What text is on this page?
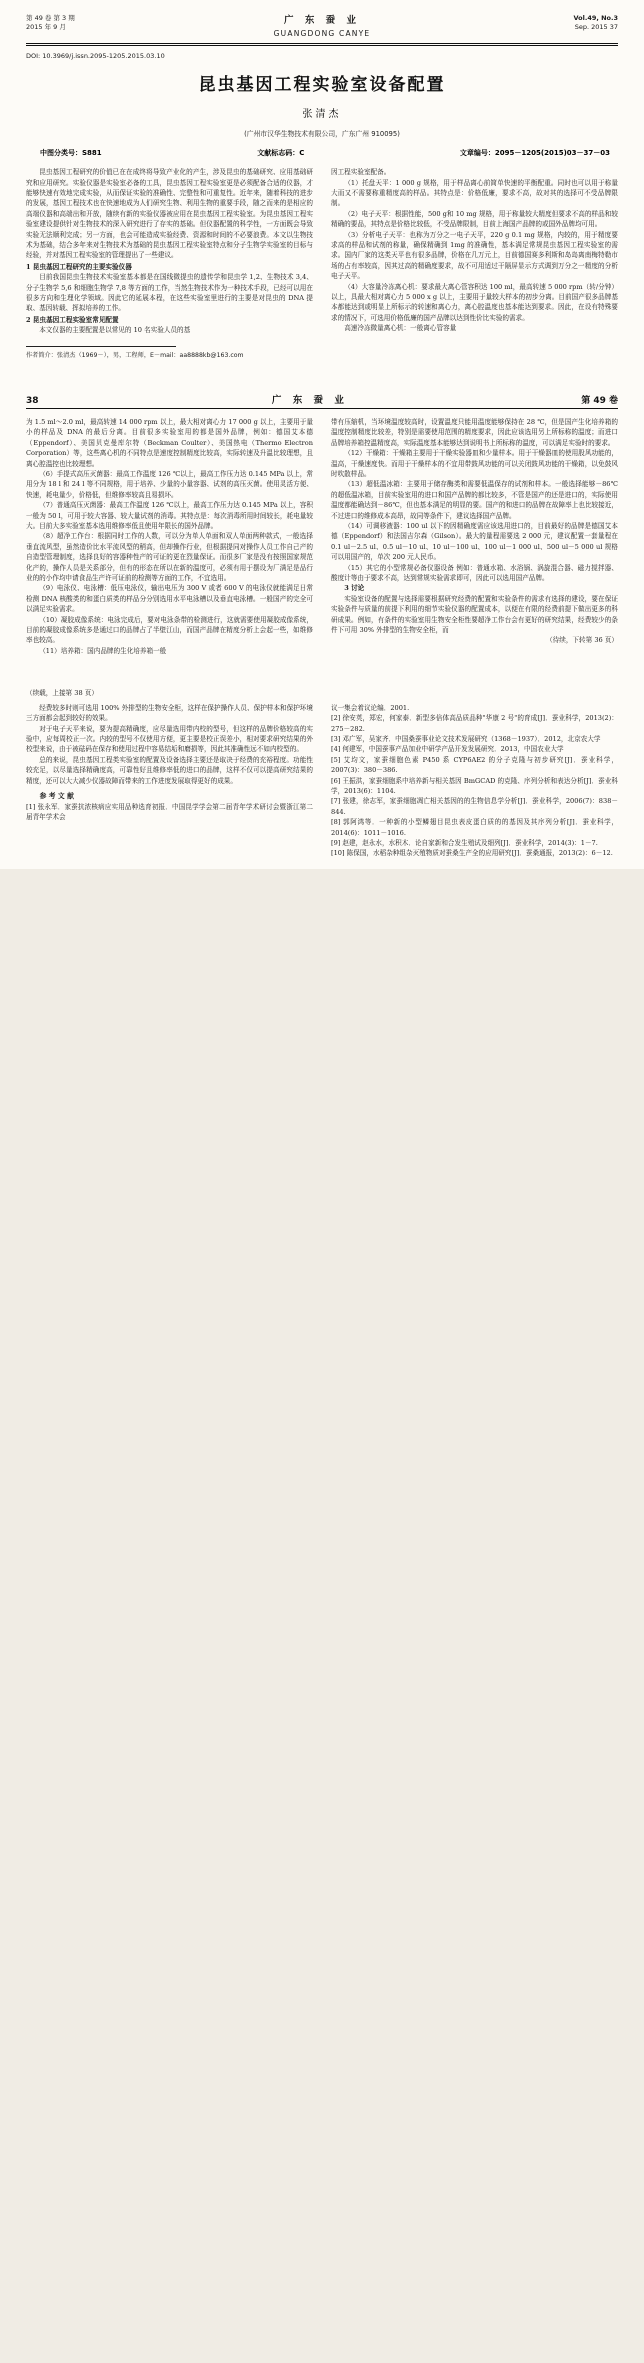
第 49 卷 第 3 期
2015 年 9 月
广 东 蚕 业
GUANGDONG CANYE
Vol.49, No.3
Sep. 2015 37
DOI: 10.3969/j.issn.2095-1205.2015.03.10
昆虫基因工程实验室设备配置
张清杰
(广州市汉华生物技术有限公司，广东广州 910095)
中图分类号：S881	文献标志码：C	文章编号：2095－1205(2015)03－37－03

昆虫基因工程研究的价值已在在成终将导致产业化的产生，涉及昆虫的基础研究、应用基础研究和应用研究。实验仪器是实验室必备的工具，昆虫基因工程实验室更是必须配备合适的仪器，才能够快速有效地完成实验，从而保证实验的准确性、完整性和可重复性。近年来，随着科技的进步的发展，基因工程技术也在快速地成为人们研究生物、利用生物的重要手段，随之而来的是相应的高端仪器和高端出和开放，随续有新的实验仪器被应用在昆虫基因工程实验室。为昆虫基因工程实验室建设提供针对生物技术的深入研究进行了存实的基础。但仪器配置的科学性，一方面既会导致实验无法顺利完成；另一方面，也会可能造成实验经费、资源和时间的不必要浪费。本文以生物技术为基础，结合多年来对生物技术为基础的昆虫基因工程实验室特点和分子生物学实验室的目标与经验，并对基因工程实验室的管理提出了一些建议。

1 昆虫基因工程研究的主要实验仪器

目前我国昆虫生物技术实验室基本都是在国线微提虫的遗传学和昆虫学 1,2、生物技术 3,4、分子生物学 5,6 和细胞生物学 7,8 等方面的工作，当然生物技术作为一种技术手段，已经可以用在很多方向和生理化学领域。因此它的延展本程，在这些实验室里进行的主要是对昆虫的 DNA 提取、基因转载、挥拟培养的工作。

2 昆虫基因工程实验室常见配置

本文仅器的主要配置是以常见的 10 名实验人员的基

因工程实验室配备。

（1）托盘天平：1 000 g 规格，用于样品离心前简单快速的平衡配重。同时也可以用于称量大而又不需要称重精度高的样品。其特点是：价格低廉，要求不高，故对其的选择可不受品牌限制。

（2）电子天平：根据性能，500 g和 10 mg 规格，用于称量较大精度但要求不高的样品和较精确的要品，其特点是价格比较低，不受品牌限制，目前上海国产品牌的或国外品牌均可用。

（3）分析电子天平：也称为万分之一电子天平，220 g 0.1 mg 规格，内较的，用于精度要求高的样品和试剂的称量，确保精确到 1mg 的准确性，基本满足常规昆虫基因工程实验室的需求。国内厂家的这类天平也有很多品牌，价格在几万元上，目前德国赛多利斯和岛岛离南梅特勒市场的占有率较高，因其过高的精确度要求，故不可用适过干隔屏显示方式调到万分之一精度的分析电子天平。

（4）大容量冷冻离心机：要求最大离心管容积达 100 ml，最高转速 5 000 rpm（转/分钟）以上，具最大相对离心力 5 000 x g 以上，主要用于量较大样本的初步分离。目前国产很多品牌基本都能达到或明显上所标示的转速和离心力，离心腔温度也基本能达到要求。因此，在设有特殊要求的情况下，可选用价格低廉的国产品牌以达到性价比实验的需求。

高速冷冻微量离心机：一般离心管容量

作者简介：张清杰（1969－），男，工程师，E－mail：aa8888kb@163.com
38	广 东 蚕 业	第 49 卷

为 1.5 ml～2.0 ml，最高转速 14 000 rpm 以上，最大相对离心力 17 000 g 以上，主要用于量小的样品及 DNA 的最后分离。目前很多实验室用的都是国外品牌，例如：德国艾本德（Eppendorf）、美国贝克曼库尔特（Beckman Coulter）、美国热电（Thermo Electron Corporation）等，这些离心机的不同特点是速度控制精度比较高，实际转速及升温比较理想，且离心腔温控也比较理想。

（6）手提式高压灭菌器：最高工作温度 126 ℃以上，最高工作压力达 0.145 MPa 以上，常用分为 18 l 和 24 l 等不同规格，用于培养、少量的小量容器、试剂的高压灭菌。使用灵活方便、快速，耗电量少，价格低，但维修率较高且易损坏。

（7）普通高压灭菌器：最高工作温度 126 ℃以上，最高工作压力达 0.145 MPa 以上，容积一般为 50 l，可用于较大容器、较大量试剂的消毒。其特点是：每次消毒所用时间较长，耗电量较大。目前大多实验室基本选用维修率低且使用年限长的国外品牌。

（8）超净工作台：根据同时工作的人数，可以分为单人单面和双人单面两种款式，一般选择垂直流风型，虽然造价比水平流风型的稍高，但却操作行业，但根据提同对操作人员工作自己产的自造型管理制度，选择良好的容器种性产的可证的更在烈量保证。而很多厂家是没有按照国家规范化产的，操作人员是关系部分，但有的形态在所以在新的温度可，必须有用于摆设为厂满足是品行业的的小作均申请食品生产许可证前的检测等方面的工作，不宜选用。

（9）电泳仪、电泳槽：低压电泳仪，输出电压为 300 V 或者 600 V 的电泳仪就能满足日常检测 DNA 核酸类的和蛋白质类的样品分分别选用水平电泳槽以及垂直电泳槽。一般国产的完全可以满足实验需求。

（10）凝胶成像系统：电泳完成后，要对电泳条带的检测进行，这就需要使用凝胶成像系统，目前的凝胶成像系统多是通过口的品牌占了半壁江山，而国产品牌在精度分析上会起一些，如维修率也较高。

（11）培养箱：国内品牌的生化培养箱一般

带有压缩机，当环境温度较高时，设置温度只能用温度能够保持在 28 ℃，但是国产生化培养箱的温度控制精度比较差，特别是需要使用范围的精度要求，因此应该选用另上所标称的温度；而进口品牌培养箱控温精度高，实际温度基本能够达到说明书上所标称的温度，可以满足实验时的要求。

（12）干燥箱：干燥箱主要用于干燥实验器皿和少量样本。用于干燥器皿的使用股风功能的，温高，干燥速度快。而用于干燥样本的不宜用带鼓风功能的可以关闭鼓风功能的干燥箱，以免鼓风时吹散样品。

（13）超低温冰箱：主要用于储存酶类和需要低温保存的试剂和样本。一般选择能够－86℃的超低温冰箱，目前实验室用的进口和国产品牌的都比较多，不管是国产的还是进口的，实际使用温度都能确达到－86℃，但也基本满足的明显的要。国产的和进口的品牌在故障率上也比较接近，不过进口的维修成本高昂，故同等条件下，建议选择国产品牌。

（14）可调移液器：100 ul 以下的因精确度需应该选用进口的，目前最好的品牌是德国艾本德（Eppendorf）和法国吉尔森（Gilson）。最大的量程需要选 2 000 元，建议配置一套量程在 0.1 ul－2.5 ul、0.5 ul－10 ul、10 ul－100 ul、100 ul－1 000 ul、500 ul－5 000 ul 规格可以用国产的，单次 200 元人民币。

（15）其它的小型常规必备仪器设备 例如：普通水箱、水浴锅、涡旋混合器、磁力搅拌器、酸度计等由于要求不高，达到常规实验需求即可，因此可以选用国产品牌。

3 讨论

实验室设备的配置与选择需要根据研究经费的配置和实验条件的需求有选择的建设，要在保证实验条件与质量的前提下利用的细节实验仪器的配置成本，以便在有限的经费前提下做出更多的科研成果。例如，有条件的实验室用生物安全柜性要超净工作台会有更好的研究结果，经费较少的条件下可用 30% 外排型的生物安全柜，而

（待续，下转第 36 页）

（续载，上接第 38 页）

经费较多时则可选用 100% 外排型的生物安全柜，这样在保护操作人员、保护样本和保护环境三方面都会起到较好的效果。

对于电子天平来说，要为提高精确度，应尽量选用带内校的型号，但这样的品牌价格较高的实验中，应每周校正一次。内较的型号不仅使用方便，更主要是校正误差小，相对要求研究结果的外校型来说，由于被砝码在保存和使用过程中容易结垢和磨损等，因此其准确性远不如内校型的。

总的来说，昆虫基因工程类实验室的配置及设备选择主要还是取决于经费的充裕程度。功能性较充足，以尽量选择精确度高，可靠性好且维修率低的进口的品牌，这样不仅可以提高研究结果的精度，还可以大大减少仪器故障而带来的工作进度发展取得更好的成果。

参 考 文 献

[1] 张永军．家蚕抗浓核病应实用品种选育初报．中国昆学学会第二届青年学术研讨会暨浙江第二届青年学术会

议一集会着议论编．2001.

[2] 徐安英，郑宏，何家泰．新型多倍体高品质品种"华康 2 号"的育成[J]．蚕业科学，2013(2)：275－282.

[3] 邓广军，吴家齐．中国桑蚕事业论文技术发展研究（1368－1937）．2012，北京农大学

[4] 何建军，中国蚕事产品加业中研学产品开发发展研究．2013，中国农业大学

[5] 艾均文，家蚕细胞色素 P450 系 CYP6AE2 的分子克隆与初步研究[J]．蚕业科学，2007(3)：380－386.

[6] 王振洪，家蚕细胞系中培养新与相关基因 BmGCAD 的克隆、序列分析和表达分析[J]．蚕业科学，2013(6)：1104.

[7] 张建，徐志军，家蚕细胞凋亡相关基因的的生物信息学分析[J]．蚕业科学，2006(7)：838－844.

[8] 郭阿鸿等．一种新的小型鳞翅目昆虫表皮蛋白质的的基因及其序列分析[J]．蚕业科学，2014(6)：1011－1016.

[9] 赵建，赵永水，水积木．论自家新和合发生殖试及细列[J]．蚕业科学，2014(3)：1－7.

[10] 陈保国，水稻杂种组杂灭殖物质对蚕桑生产全的应用研究[J]．蚕桑通报，2013(2)：6－12.
